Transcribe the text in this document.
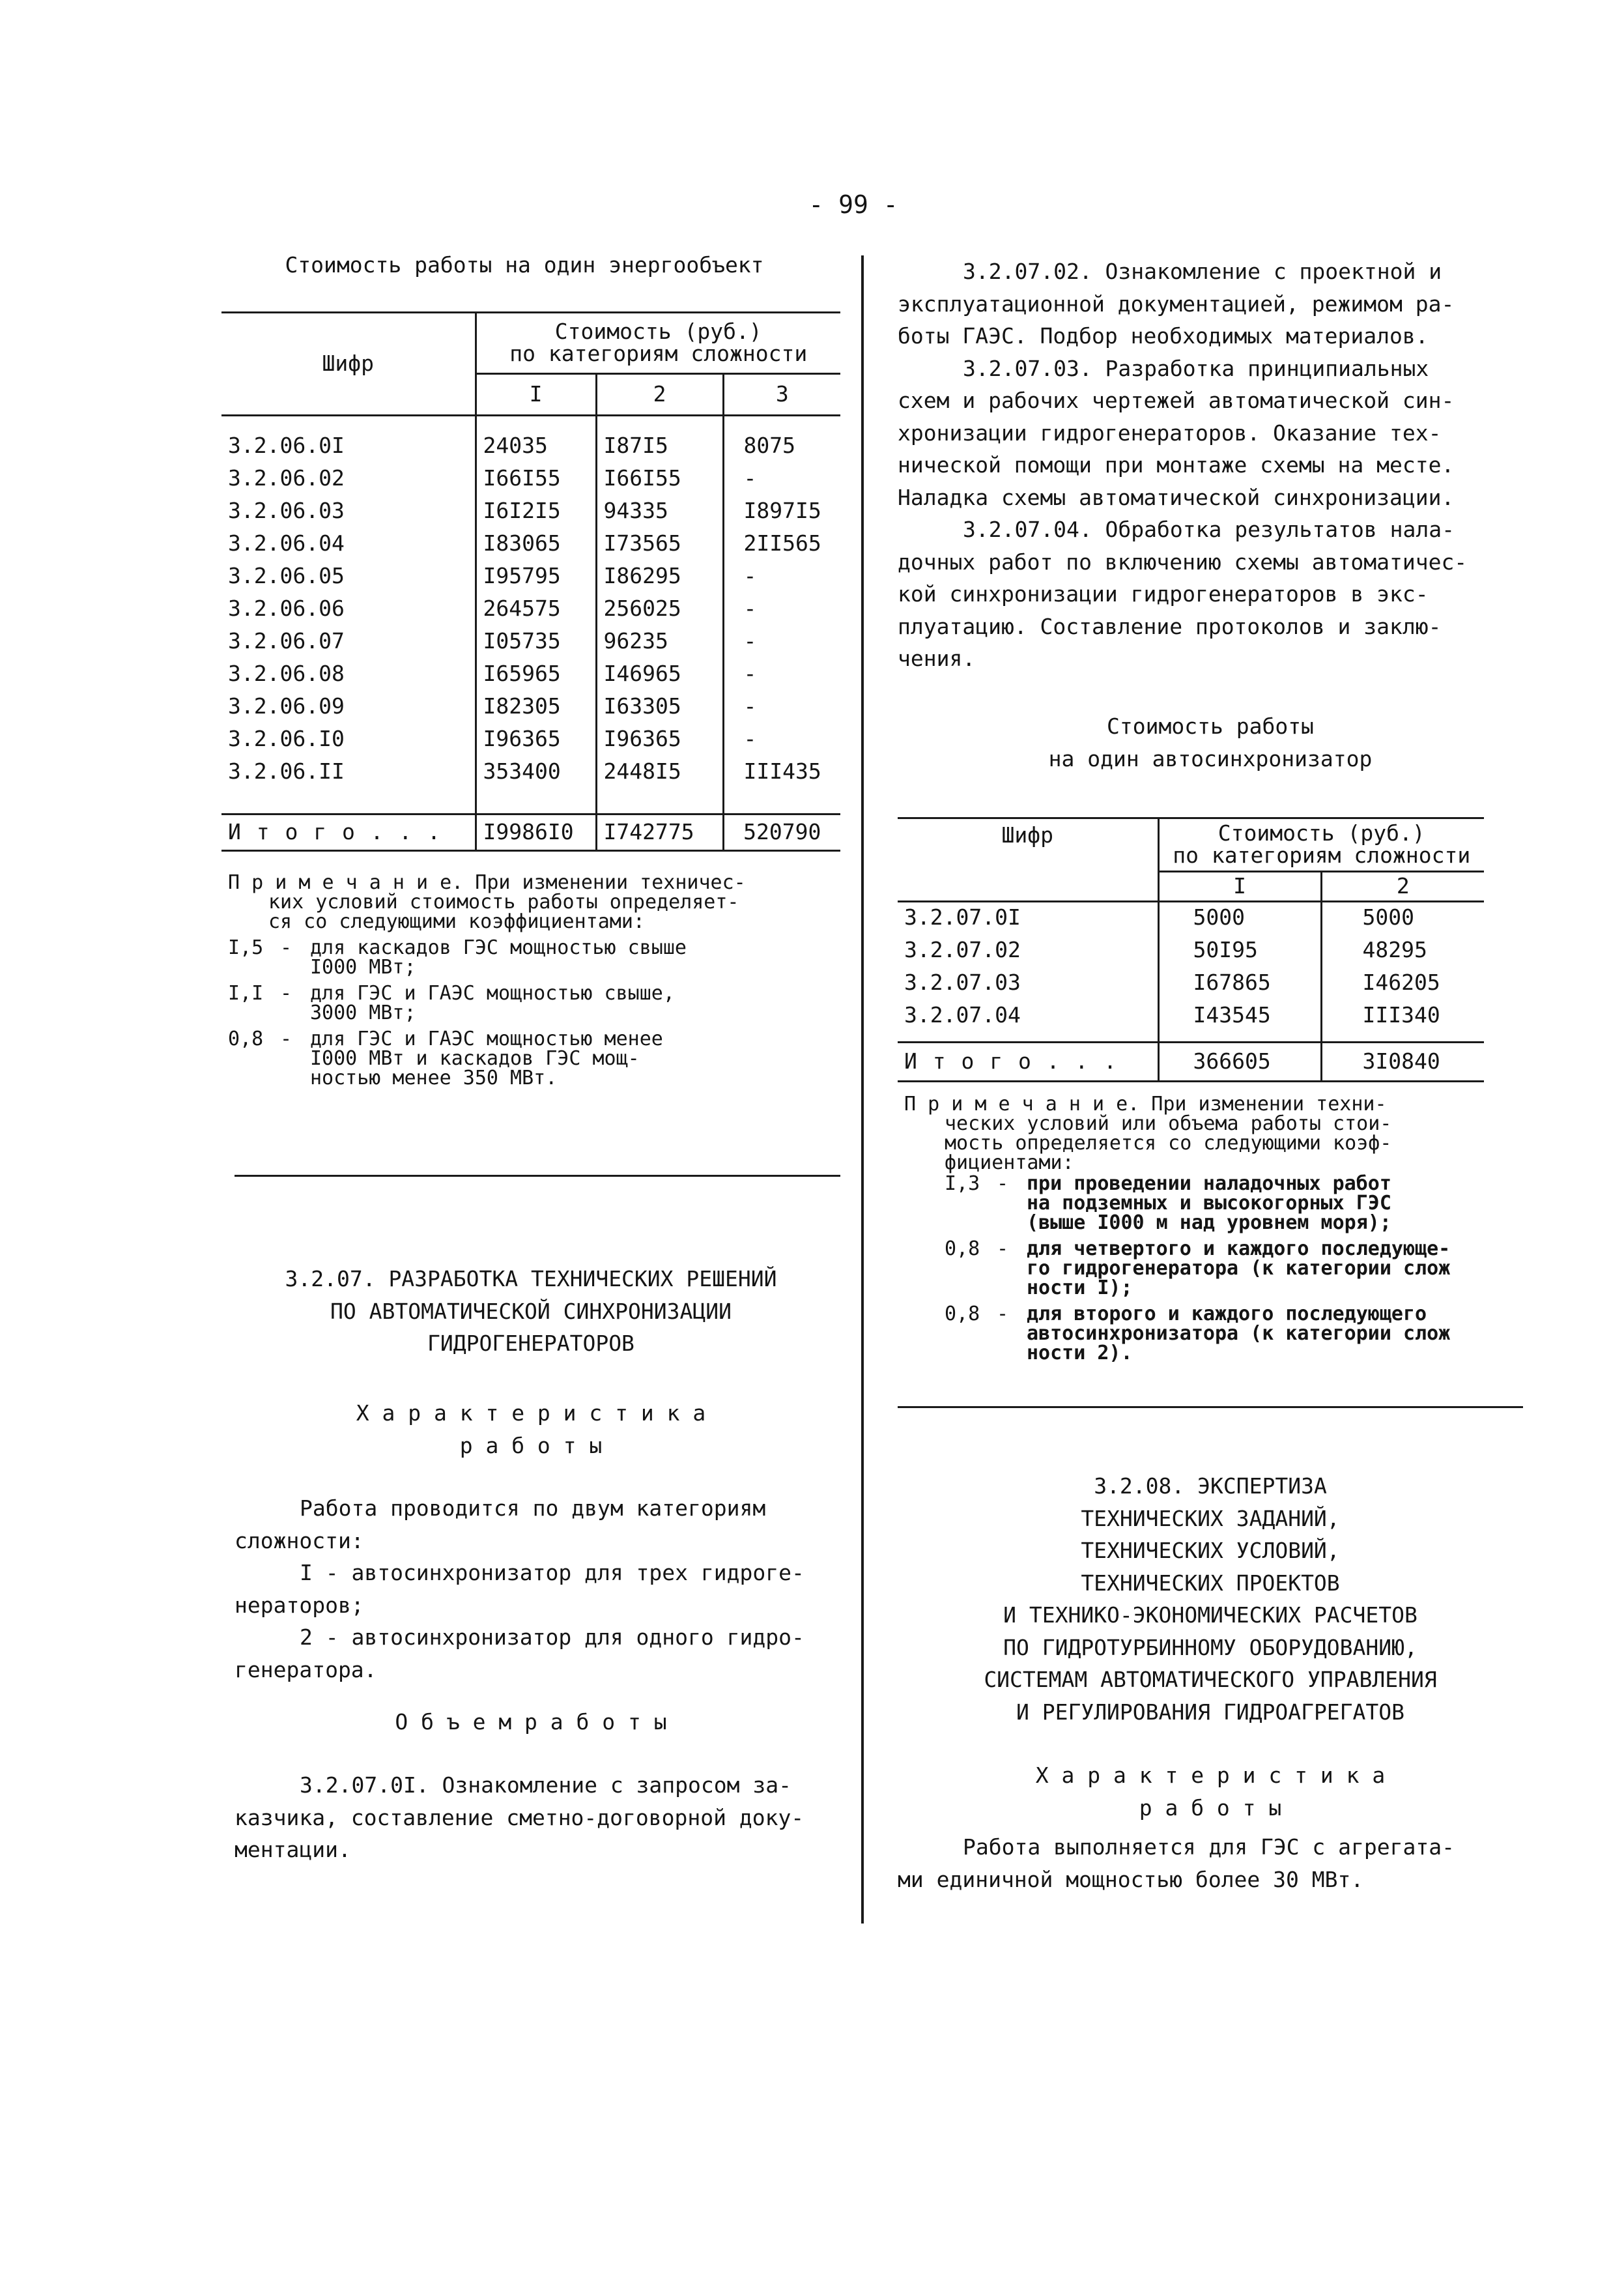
- 99 -
Стоимость работы на один энергообъект
Шифр	Стоимость (руб.)
по категориям сложности		

	I	2	3

3.2.06.0I	24035	I87I5	8075
3.2.06.02	I66I55	I66I55	-
3.2.06.03	I6I2I5	94335	I897I5
3.2.06.04	I83065	I73565	2II565
3.2.06.05	I95795	I86295	-
3.2.06.06	264575	256025	-
3.2.06.07	I05735	96235	-
3.2.06.08	I65965	I46965	-
3.2.06.09	I82305	I63305	-
3.2.06.I0	I96365	I96365	-
3.2.06.II	353400	2448I5	III435

И т о г о . . .	I9986I0	I742775	520790
П р и м е ч а н и е. При изменении техничес-
ких условий стоимость работы определяет-
ся со следующими коэффициентами:
I,5 - для каскадов ГЭС мощностью свыше
I000 МВт;
I,I - для ГЭС и ГАЭС мощностью свыше,
3000 МВт;
0,8 - для ГЭС и ГАЭС мощностью менее
I000 МВт и каскадов ГЭС мощ-
ностью менее 350 МВт.
3.2.07. РАЗРАБОТКА ТЕХНИЧЕСКИХ РЕШЕНИЙ
ПО АВТОМАТИЧЕСКОЙ СИНХРОНИЗАЦИИ
ГИДРОГЕНЕРАТОРОВ
Х а р а к т е р и с т и к а
р а б о т ы
Работа проводится по двум категориям
сложности:
I - автосинхронизатор для трех гидроге-
нераторов;
2 - автосинхронизатор для одного гидро-
генератора.
О б ъ е м р а б о т ы
3.2.07.0I. Ознакомление с запросом за-
казчика, составление сметно-договорной доку-
ментации.
3.2.07.02. Ознакомление с проектной и
эксплуатационной документацией, режимом ра-
боты ГАЭС. Подбор необходимых материалов.
3.2.07.03. Разработка принципиальных
схем и рабочих чертежей автоматической син-
хронизации гидрогенераторов. Оказание тех-
нической помощи при монтаже схемы на месте.
Наладка схемы автоматической синхронизации.
3.2.07.04. Обработка результатов нала-
дочных работ по включению схемы автоматичес-
кой синхронизации гидрогенераторов в экс-
плуатацию. Составление протоколов и заклю-
чения.
Стоимость работы
на один автосинхронизатор
Шифр	Стоимость (руб.)
по категориям сложности	

	I	2
3.2.07.0I	5000	5000
3.2.07.02	50I95	48295
3.2.07.03	I67865	I46205
3.2.07.04	I43545	III340

И т о г о . . .	366605	3I0840
П р и м е ч а н и е. При изменении техни-
ческих условий или объема работы стои-
мость определяется со следующими коэф-
фициентами:
I,3 - при проведении наладочных работ
на подземных и высокогорных ГЭС
(выше I000 м над уровнем моря);
0,8 - для четвертого и каждого последующе-
го гидрогенератора (к категории слож
ности I);
0,8 - для второго и каждого последующего
автосинхронизатора (к категории слож
ности 2).
3.2.08. ЭКСПЕРТИЗА
ТЕХНИЧЕСКИХ ЗАДАНИЙ,
ТЕХНИЧЕСКИХ УСЛОВИЙ,
ТЕХНИЧЕСКИХ ПРОЕКТОВ
И ТЕХНИКО-ЭКОНОМИЧЕСКИХ РАСЧЕТОВ
ПО ГИДРОТУРБИННОМУ ОБОРУДОВАНИЮ,
СИСТЕМАМ АВТОМАТИЧЕСКОГО УПРАВЛЕНИЯ
И РЕГУЛИРОВАНИЯ ГИДРОАГРЕГАТОВ
Х а р а к т е р и с т и к а
р а б о т ы
Работа выполняется для ГЭС с агрегата-
ми единичной мощностью более 30 МВт.
